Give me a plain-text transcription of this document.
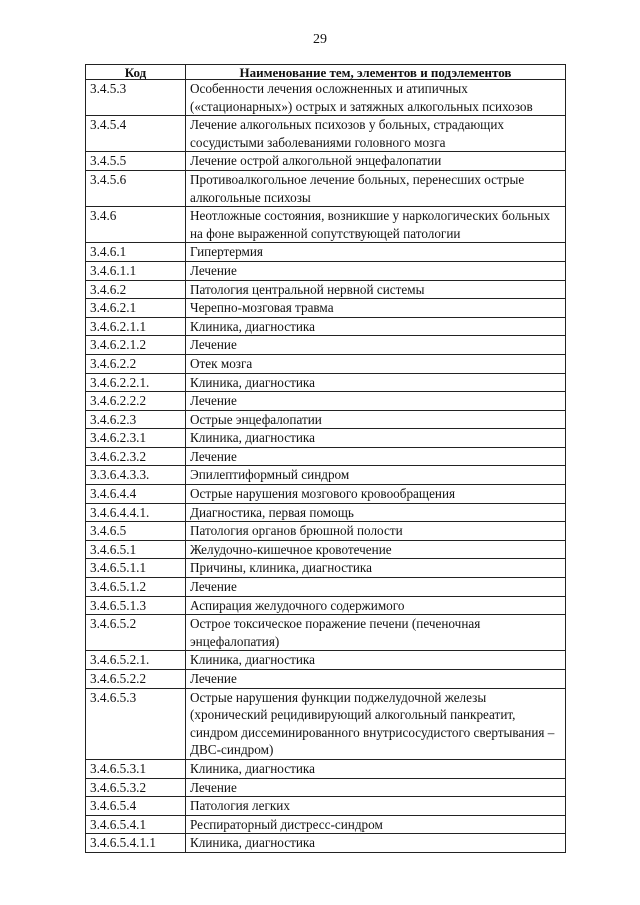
29
Код	Наименование тем, элементов и подэлементов
3.4.5.3	Особенности лечения осложненных и атипичных («стационарных») острых и затяжных алкогольных психозов
3.4.5.4	Лечение алкогольных психозов у больных, страдающих сосудистыми заболеваниями головного мозга
3.4.5.5	Лечение острой алкогольной энцефалопатии
3.4.5.6	Противоалкогольное лечение больных, перенесших острые алкогольные психозы
3.4.6	Неотложные состояния, возникшие у наркологических больных на фоне выраженной сопутствующей патологии
3.4.6.1	Гипертермия
3.4.6.1.1	Лечение
3.4.6.2	Патология центральной нервной системы
3.4.6.2.1	Черепно-мозговая травма
3.4.6.2.1.1	Клиника, диагностика
3.4.6.2.1.2	Лечение
3.4.6.2.2	Отек мозга
3.4.6.2.2.1.	Клиника, диагностика
3.4.6.2.2.2	Лечение
3.4.6.2.3	Острые энцефалопатии
3.4.6.2.3.1	Клиника, диагностика
3.4.6.2.3.2	Лечение
3.3.6.4.3.3.	Эпилептиформный синдром
3.4.6.4.4	Острые нарушения мозгового кровообращения
3.4.6.4.4.1.	Диагностика, первая помощь
3.4.6.5	Патология органов брюшной полости
3.4.6.5.1	Желудочно-кишечное кровотечение
3.4.6.5.1.1	Причины, клиника, диагностика
3.4.6.5.1.2	Лечение
3.4.6.5.1.3	Аспирация желудочного содержимого
3.4.6.5.2	Острое токсическое поражение печени (печеночная энцефалопатия)
3.4.6.5.2.1.	Клиника, диагностика
3.4.6.5.2.2	Лечение
3.4.6.5.3	Острые нарушения функции поджелудочной железы (хронический рецидивирующий алкогольный панкреатит, синдром диссеминированного внутрисосудистого свертывания – ДВС-синдром)
3.4.6.5.3.1	Клиника, диагностика
3.4.6.5.3.2	Лечение
3.4.6.5.4	Патология легких
3.4.6.5.4.1	Респираторный дистресс-синдром
3.4.6.5.4.1.1	Клиника, диагностика
